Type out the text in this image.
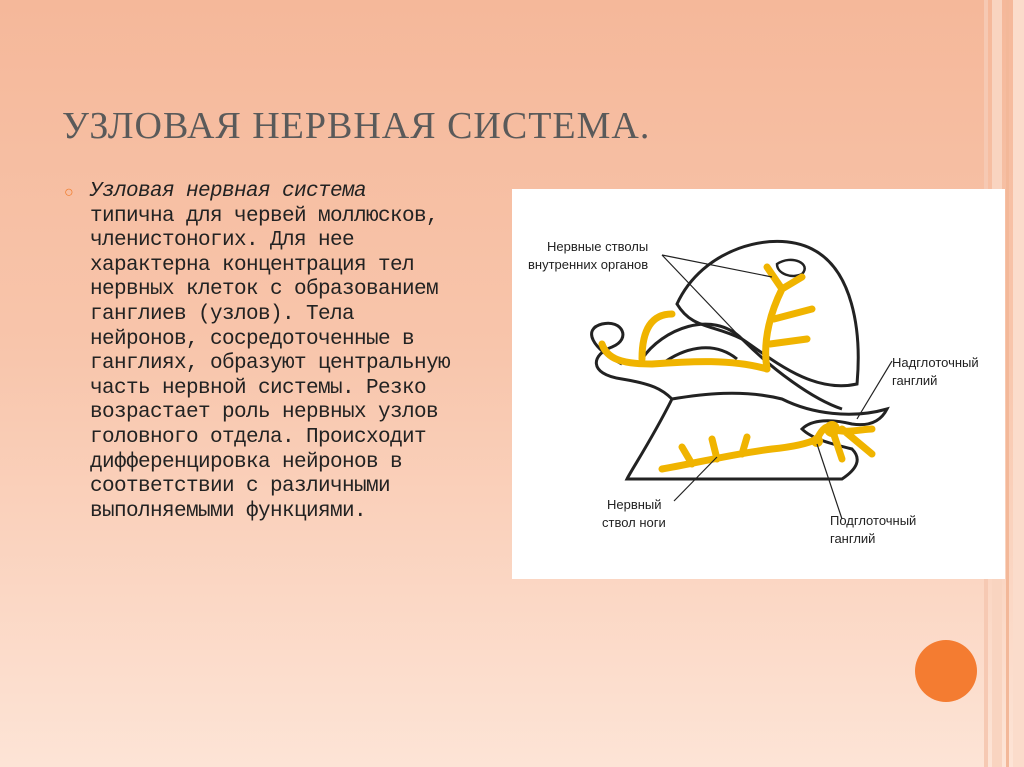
УЗЛОВАЯ НЕРВНАЯ СИСТЕМА.
○ Узловая нервная система типична для червей моллюсков, членистоногих. Для нее характерна концентрация тел нервных клеток с образованием ганглиев (узлов). Тела нейронов, сосредоточенные в ганглиях, образуют центральную часть нервной системы. Резко возрастает роль нервных узлов головного отдела. Происходит дифференцировка нейронов в соответствии с различными выполняемыми функциями.
Нервные стволы
внутренних органов
Надглоточный
ганглий
Нервный
ствол ноги	Подглоточный
ганглий
